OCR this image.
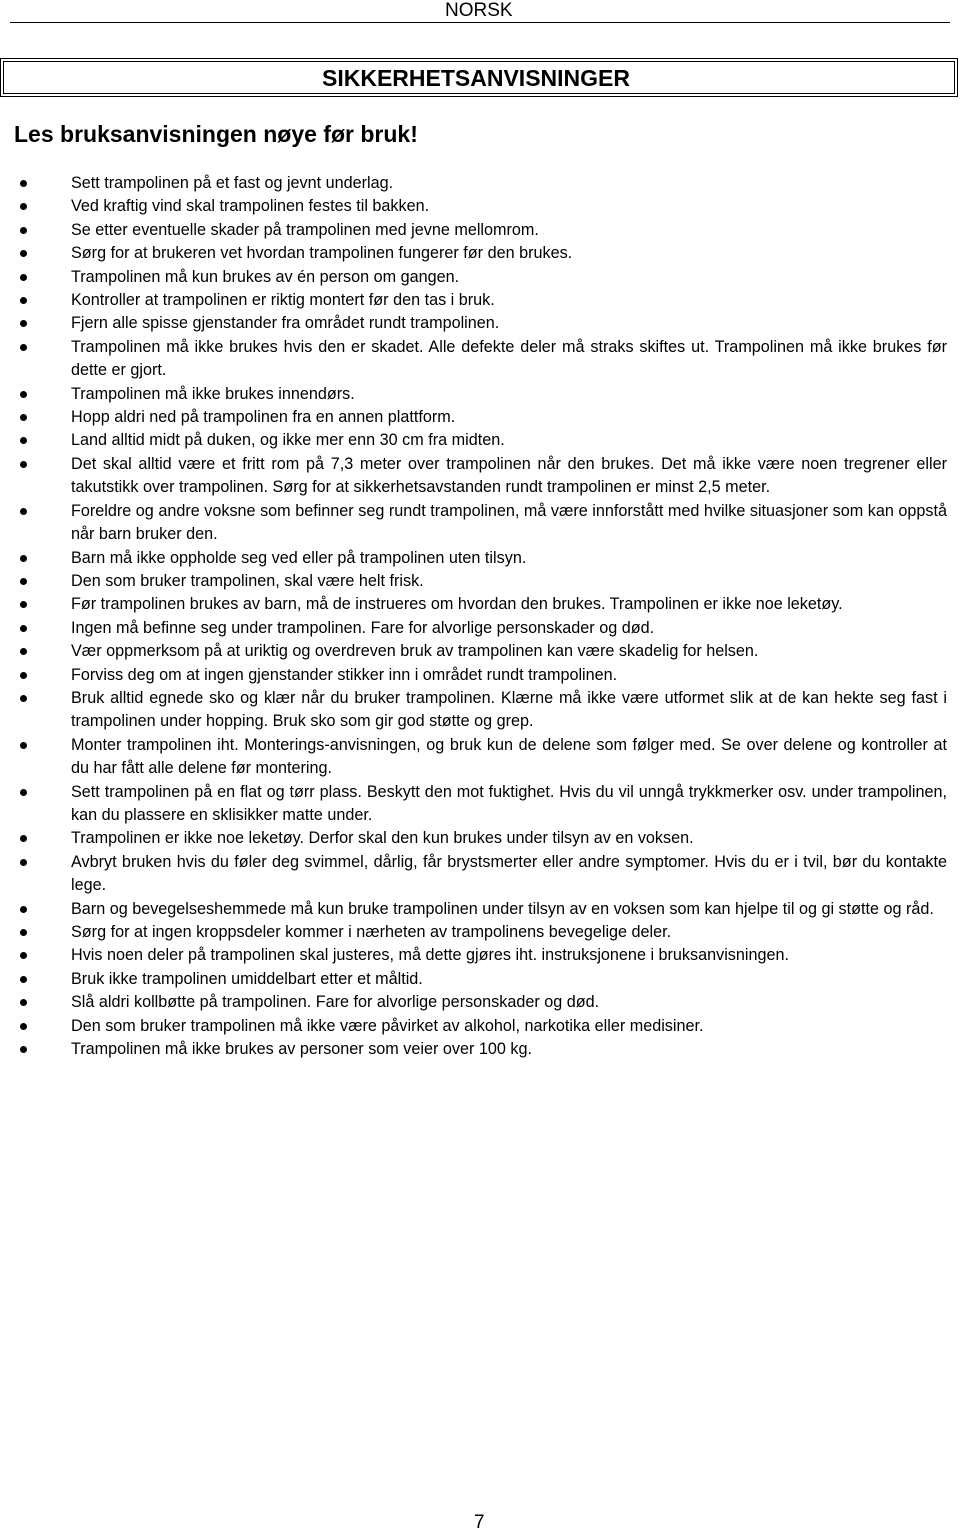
NORSK
SIKKERHETSANVISNINGER
Les bruksanvisningen nøye før bruk!
Sett trampolinen på et fast og jevnt underlag.
Ved kraftig vind skal trampolinen festes til bakken.
Se etter eventuelle skader på trampolinen med jevne mellomrom.
Sørg for at brukeren vet hvordan trampolinen fungerer før den brukes.
Trampolinen må kun brukes av én person om gangen.
Kontroller at trampolinen er riktig montert før den tas i bruk.
Fjern alle spisse gjenstander fra området rundt trampolinen.
Trampolinen må ikke brukes hvis den er skadet. Alle defekte deler må straks skiftes ut. Trampolinen må ikke brukes før dette er gjort.
Trampolinen må ikke brukes innendørs.
Hopp aldri ned på trampolinen fra en annen plattform.
Land alltid midt på duken, og ikke mer enn 30 cm fra midten.
Det skal alltid være et fritt rom på 7,3 meter over trampolinen når den brukes. Det må ikke være noen tregrener eller takutstikk over trampolinen. Sørg for at sikkerhetsavstanden rundt trampolinen er minst 2,5 meter.
Foreldre og andre voksne som befinner seg rundt trampolinen, må være innforstått med hvilke situasjoner som kan oppstå når barn bruker den.
Barn må ikke oppholde seg ved eller på trampolinen uten tilsyn.
Den som bruker trampolinen, skal være helt frisk.
Før trampolinen brukes av barn, må de instrueres om hvordan den brukes. Trampolinen er ikke noe leketøy.
Ingen må befinne seg under trampolinen. Fare for alvorlige personskader og død.
Vær oppmerksom på at uriktig og overdreven bruk av trampolinen kan være skadelig for helsen.
Forviss deg om at ingen gjenstander stikker inn i området rundt trampolinen.
Bruk alltid egnede sko og klær når du bruker trampolinen. Klærne må ikke være utformet slik at de kan hekte seg fast i trampolinen under hopping. Bruk sko som gir god støtte og grep.
Monter trampolinen iht. Monterings-anvisningen, og bruk kun de delene som følger med. Se over delene og kontroller at du har fått alle delene før montering.
Sett trampolinen på en flat og tørr plass. Beskytt den mot fuktighet. Hvis du vil unngå trykkmerker osv. under trampolinen, kan du plassere en sklisikker matte under.
Trampolinen er ikke noe leketøy. Derfor skal den kun brukes under tilsyn av en voksen.
Avbryt bruken hvis du føler deg svimmel, dårlig, får brystsmerter eller andre symptomer. Hvis du er i tvil, bør du kontakte lege.
Barn og bevegelseshemmede må kun bruke trampolinen under tilsyn av en voksen som kan hjelpe til og gi støtte og råd.
Sørg for at ingen kroppsdeler kommer i nærheten av trampolinens bevegelige deler.
Hvis noen deler på trampolinen skal justeres, må dette gjøres iht. instruksjonene i bruksanvisningen.
Bruk ikke trampolinen umiddelbart etter et måltid.
Slå aldri kollbøtte på trampolinen. Fare for alvorlige personskader og død.
Den som bruker trampolinen må ikke være påvirket av alkohol, narkotika eller medisiner.
Trampolinen må ikke brukes av personer som veier over 100 kg.
7
